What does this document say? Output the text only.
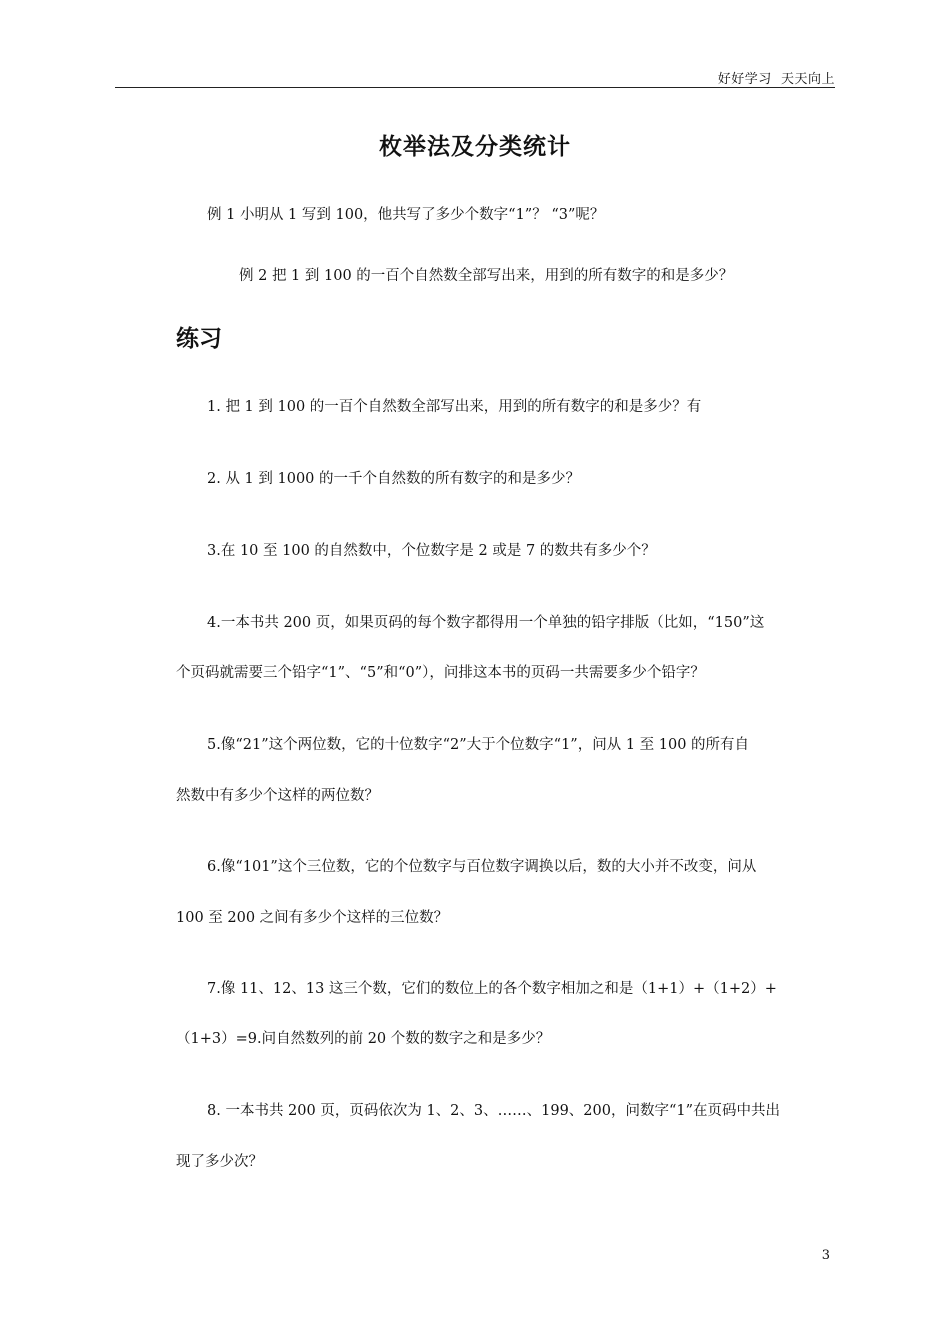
好好学习  天天向上
枚举法及分类统计
例 1 小明从 1 写到 100，他共写了多少个数字“1”？ “3”呢？
例 2 把 1 到 100 的一百个自然数全部写出来，用到的所有数字的和是多少？
练习
1. 把 1 到 100 的一百个自然数全部写出来，用到的所有数字的和是多少？有
2. 从 1 到 1000 的一千个自然数的所有数字的和是多少？
3.在 10 至 100 的自然数中，个位数字是 2 或是 7 的数共有多少个？
4.一本书共 200 页，如果页码的每个数字都得用一个单独的铅字排版（比如，“150”这
个页码就需要三个铅字“1”、“5”和“0”），问排这本书的页码一共需要多少个铅字？
5.像“21”这个两位数，它的十位数字“2”大于个位数字“1”，问从 1 至 100 的所有自
然数中有多少个这样的两位数？
6.像“101”这个三位数，它的个位数字与百位数字调换以后，数的大小并不改变，问从
100 至 200 之间有多少个这样的三位数？
7.像 11、12、13 这三个数，它们的数位上的各个数字相加之和是（1+1）+（1+2）+
（1+3）=9.问自然数列的前 20 个数的数字之和是多少？
8. 一本书共 200 页，页码依次为 1、2、3、……、199、200，问数字“1”在页码中共出
现了多少次？
3
